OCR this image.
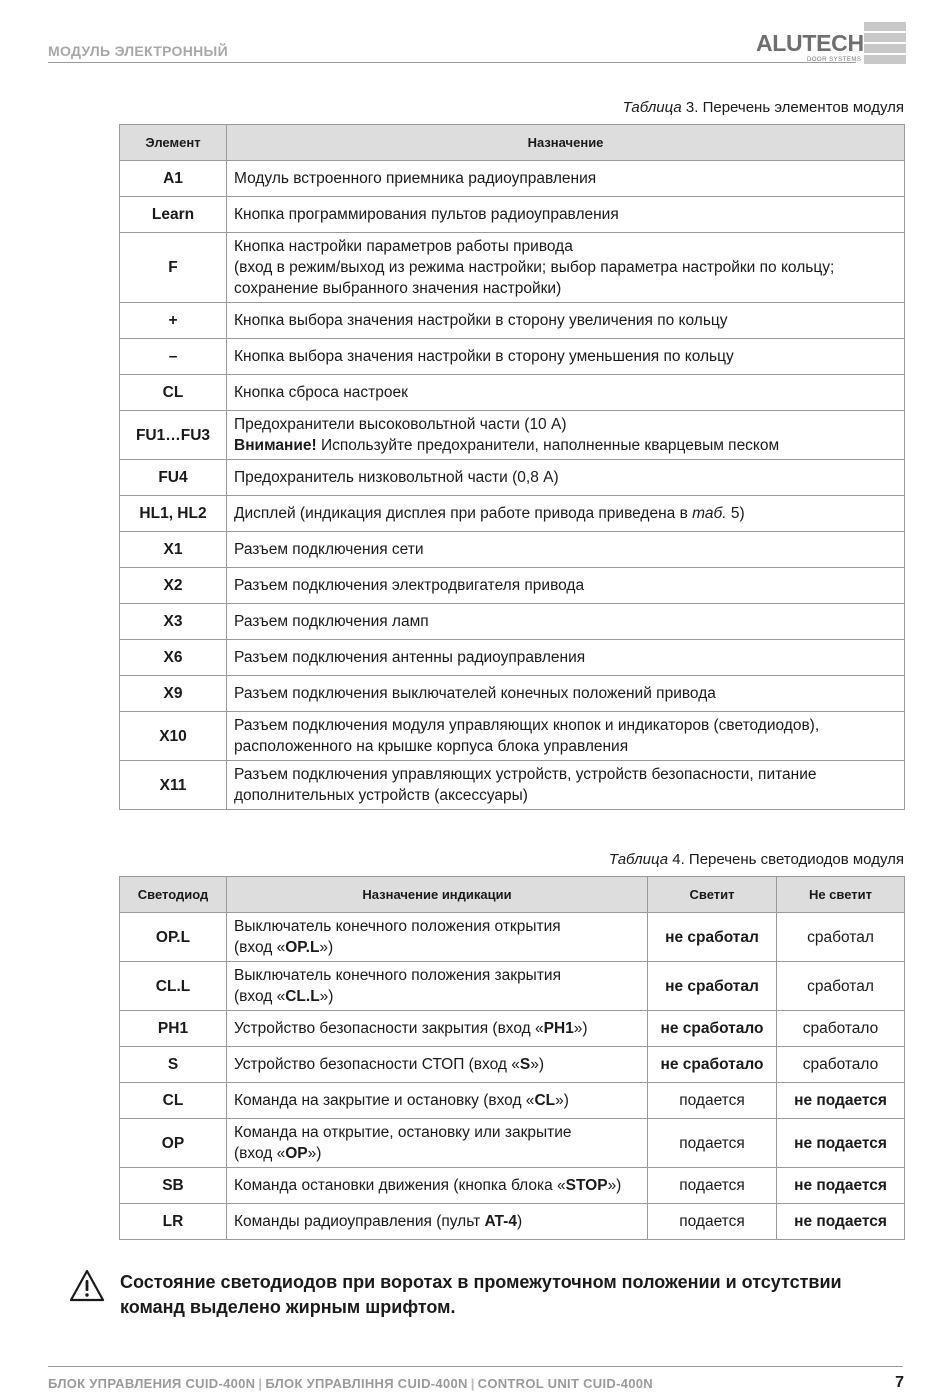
МОДУЛЬ ЭЛЕКТРОННЫЙ	ALUTECH
DOOR SYSTEMS
Таблица 3. Перечень элементов модуля
Элемент	Назначение
A1	Модуль встроенного приемника радиоуправления
Learn	Кнопка программирования пультов радиоуправления
F	Кнопка настройки параметров работы привода
(вход в режим/выход из режима настройки; выбор параметра настройки по кольцу;
сохранение выбранного значения настройки)

+	Кнопка выбора значения настройки в сторону увеличения по кольцу
–	Кнопка выбора значения настройки в сторону уменьшения по кольцу
CL	Кнопка сброса настроек
FU1…FU3	Предохранители высоковольтной части (10 А)
Внимание! Используйте предохранители, наполненные кварцевым песком

FU4	Предохранитель низковольтной части (0,8 А)
HL1, HL2	Дисплей (индикация дисплея при работе привода приведена в таб. 5)
X1	Разъем подключения сети
X2	Разъем подключения электродвигателя привода
X3	Разъем подключения ламп
X6	Разъем подключения антенны радиоуправления
X9	Разъем подключения выключателей конечных положений привода
X10	Разъем подключения модуля управляющих кнопок и индикаторов (светодиодов),
расположенного на крышке корпуса блока управления

X11	Разъем подключения управляющих устройств, устройств безопасности, питание
дополнительных устройств (аксессуары)
Таблица 4. Перечень светодиодов модуля
Светодиод	Назначение индикации	Светит	Не светит
OP.L	Выключатель конечного положения открытия
(вход «OP.L»)	не сработал	сработал
CL.L	Выключатель конечного положения закрытия
(вход «CL.L»)	не сработал	сработал
PH1	Устройство безопасности закрытия (вход «PH1»)	не сработало	сработало
S	Устройство безопасности СТОП (вход «S»)	не сработало	сработало
CL	Команда на закрытие и остановку (вход «CL»)	подается	не подается
OP	Команда на открытие, остановку или закрытие
(вход «OP»)	подается	не подается
SB	Команда остановки движения (кнопка блока «STOP»)	подается	не подается
LR	Команды радиоуправления (пульт AT-4)	подается	не подается
Состояние светодиодов при воротах в промежуточном положении и отсутствии
команд выделено жирным шрифтом.
БЛОК УПРАВЛЕНИЯ CUID-400N | БЛОК УПРАВЛІННЯ CUID-400N | CONTROL UNIT CUID-400N	7
